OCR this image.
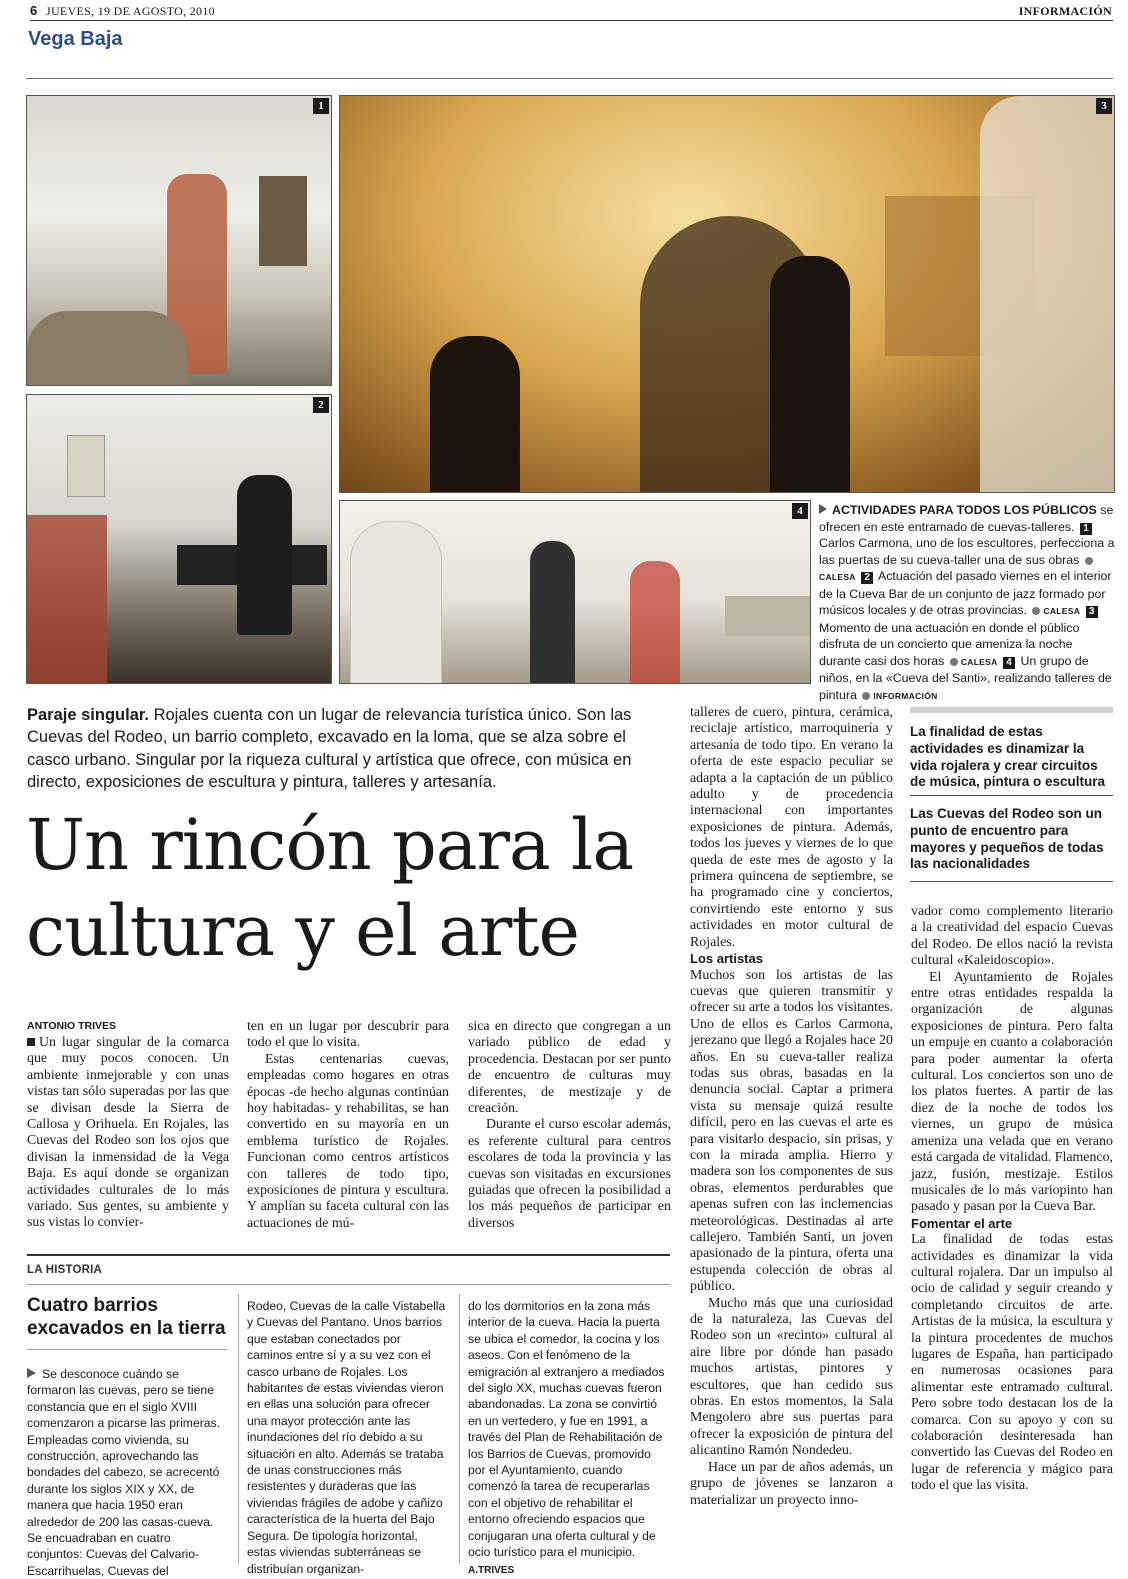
6 JUEVES, 19 DE AGOSTO, 2010	INFORMACIÓN
Vega Baja
1
2
3
4	ACTIVIDADES PARA TODOS LOS PÚBLICOS se ofrecen en este entramado de cuevas-talleres. 1 Carlos Carmona, uno de los escultores, perfecciona a las puertas de su cueva-taller una de sus obras CALESA 2 Actuación del pasado viernes en el interior de la Cueva Bar de un conjunto de jazz formado por músicos locales y de otras provincias. CALESA 3 Momento de una actuación en donde el público disfruta de un concierto que ameniza la noche durante casi dos horas CALESA 4 Un grupo de niños, en la «Cueva del Santi», realizando talleres de pintura INFORMACIÓN
Paraje singular. Rojales cuenta con un lugar de relevancia turística único. Son las Cuevas del Rodeo, un barrio completo, excavado en la loma, que se alza sobre el casco urbano. Singular por la riqueza cultural y artística que ofrece, con música en directo, exposiciones de escultura y pintura, talleres y artesanía.
Un rincón para la cultura y el arte
ANTONIO TRIVES

Un lugar singular de la comarca que muy pocos conocen. Un ambiente inmejorable y con unas vistas tan sólo superadas por las que se divisan desde la Sierra de Callosa y Orihuela. En Rojales, las Cuevas del Rodeo son los ojos que divisan la inmensidad de la Vega Baja. Es aquí donde se organizan actividades culturales de lo más variado. Sus gentes, su ambiente y sus vistas lo convier-

ten en un lugar por descubrir para todo el que lo visita.

Estas centenarias cuevas, empleadas como hogares en otras épocas -de hecho algunas continúan hoy habitadas- y rehabilitas, se han convertido en su mayoría en un emblema turístico de Rojales. Funcionan como centros artísticos con talleres de todo tipo, exposiciones de pintura y escultura. Y amplían su faceta cultural con las actuaciones de mú-

sica en directo que congregan a un variado público de edad y procedencia. Destacan por ser punto de encuentro de culturas muy diferentes, de mestizaje y de creación.

Durante el curso escolar además, es referente cultural para centros escolares de toda la provincia y las cuevas son visitadas en excursiones guiadas que ofrecen la posibilidad a los más pequeños de participar en diversos

talleres de cuero, pintura, cerámica, reciclaje artístico, marroquinería y artesanía de todo tipo. En verano la oferta de este espacio peculiar se adapta a la captación de un público adulto y de procedencia internacional con importantes exposiciones de pintura. Además, todos los jueves y viernes de lo que queda de este mes de agosto y la primera quincena de septiembre, se ha programado cine y conciertos, convirtiendo este entorno y sus actividades en motor cultural de Rojales.

Los artistas

Muchos son los artistas de las cuevas que quieren transmitir y ofrecer su arte a todos los visitantes. Uno de ellos es Carlos Carmona, jerezano que llegó a Rojales hace 20 años. En su cueva-taller realiza todas sus obras, basadas en la denuncia social. Captar a primera vista su mensaje quizá resulte difícil, pero en las cuevas el arte es para visitarlo despacio, sin prisas, y con la mirada amplia. Hierro y madera son los componentes de sus obras, elementos perdurables que apenas sufren con las inclemencias meteorológicas. Destinadas al arte callejero. También Santi, un joven apasionado de la pintura, oferta una estupenda colección de obras al público.

Mucho más que una curiosidad de la naturaleza, las Cuevas del Rodeo son un «recinto» cultural al aire libre por dónde han pasado muchos artistas, pintores y escultores, que han cedido sus obras. En estos momentos, la Sala Mengolero abre sus puertas para ofrecer la exposición de pintura del alicantino Ramón Nondedeu.

Hace un par de años además, un grupo de jóvenes se lanzaron a materializar un proyecto inno-

La finalidad de estas actividades es dinamizar la vida rojalera y crear circuitos de música, pintura o escultura
Las Cuevas del Rodeo son un punto de encuentro para mayores y pequeños de todas las nacionalidades

vador como complemento literario a la creatividad del espacio Cuevas del Rodeo. De ellos nació la revista cultural «Kaleidoscopio».

El Ayuntamiento de Rojales entre otras entidades respalda la organización de algunas exposiciones de pintura. Pero falta un empuje en cuanto a colaboración para poder aumentar la oferta cultural. Los conciertos son uno de los platos fuertes. A partir de las diez de la noche de todos los viernes, un grupo de música ameniza una velada que en verano está cargada de vitalidad. Flamenco, jazz, fusión, mestizaje. Estilos musicales de lo más variopinto han pasado y pasan por la Cueva Bar.

Fomentar el arte

La finalidad de todas estas actividades es dinamizar la vida cultural rojalera. Dar un impulso al ocio de calidad y seguir creando y completando circuitos de arte. Artistas de la música, la escultura y la pintura procedentes de muchos lugares de España, han participado en numerosas ocasiones para alimentar este entramado cultural. Pero sobre todo destacan los de la comarca. Con su apoyo y con su colaboración desinteresada han convertido las Cuevas del Rodeo en lugar de referencia y mágico para todo el que las visita.

LA HISTORIA
Cuatro barrios excavados en la tierra

Se desconoce cuándo se formaron las cuevas, pero se tiene constancia que en el siglo XVIII comenzaron a picarse las primeras. Empleadas como vivienda, su construcción, aprovechando las bondades del cabezo, se acrecentó durante los siglos XIX y XX, de manera que hacia 1950 eran alrededor de 200 las casas-cueva. Se encuadraban en cuatro conjuntos: Cuevas del Calvario-Escarrihuelas, Cuevas del

Rodeo, Cuevas de la calle Vistabella y Cuevas del Pantano. Unos barrios que estaban conectados por caminos entre sí y a su vez con el casco urbano de Rojales. Los habitantes de estas viviendas vieron en ellas una solución para ofrecer una mayor protección ante las inundaciones del río debido a su situación en alto. Además se trataba de unas construcciones más resistentes y duraderas que las viviendas frágiles de adobe y cañizo característica de la huerta del Bajo Segura. De tipología horizontal, estas viviendas subterráneas se distribuían organizan-

do los dormitorios en la zona más interior de la cueva. Hacia la puerta se ubica el comedor, la cocina y los aseos. Con el fenómeno de la emigración al extranjero a mediados del siglo XX, muchas cuevas fueron abandonadas. La zona se convirtió en un vertedero, y fue en 1991, a través del Plan de Rehabilitación de los Barrios de Cuevas, promovido por el Ayuntamiento, cuando comenzó la tarea de recuperarlas con el objetivo de rehabilitar el entorno ofreciendo espacios que conjugaran una oferta cultural y de ocio turístico para el municipio. A.TRIVES
